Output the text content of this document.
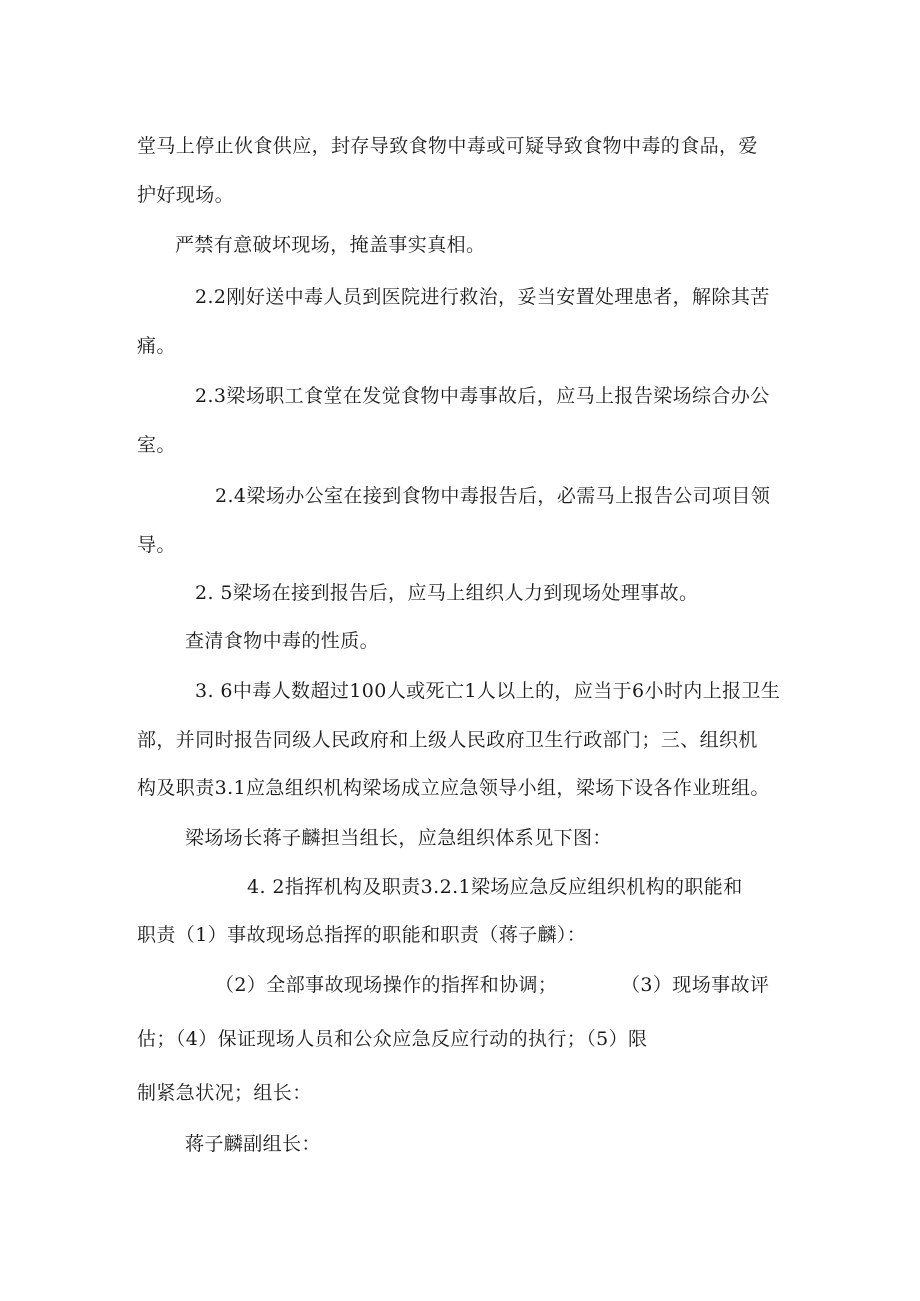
堂马上停止伙食供应，封存导致食物中毒或可疑导致食物中毒的食品，爱
护好现场。
严禁有意破坏现场，掩盖事实真相。
2.2刚好送中毒人员到医院进行救治，妥当安置处理患者，解除其苦
痛。
2.3梁场职工食堂在发觉食物中毒事故后，应马上报告梁场综合办公
室。
2.4梁场办公室在接到食物中毒报告后，必需马上报告公司项目领
导。
2. 5梁场在接到报告后，应马上组织人力到现场处理事故。
查清食物中毒的性质。
3. 6中毒人数超过100人或死亡1人以上的，应当于6小时内上报卫生
部，并同时报告同级人民政府和上级人民政府卫生行政部门；三、组织机
构及职责3.1应急组织机构梁场成立应急领导小组，梁场下设各作业班组。
梁场场长蒋子麟担当组长，应急组织体系见下图：
4. 2指挥机构及职责3.2.1梁场应急反应组织机构的职能和
职责（1）事故现场总指挥的职能和职责（蒋子麟）：
（2）全部事故现场操作的指挥和协调；	（3）现场事故评
估；（4）保证现场人员和公众应急反应行动的执行；（5）限
制紧急状况；组长：
蒋子麟副组长：
